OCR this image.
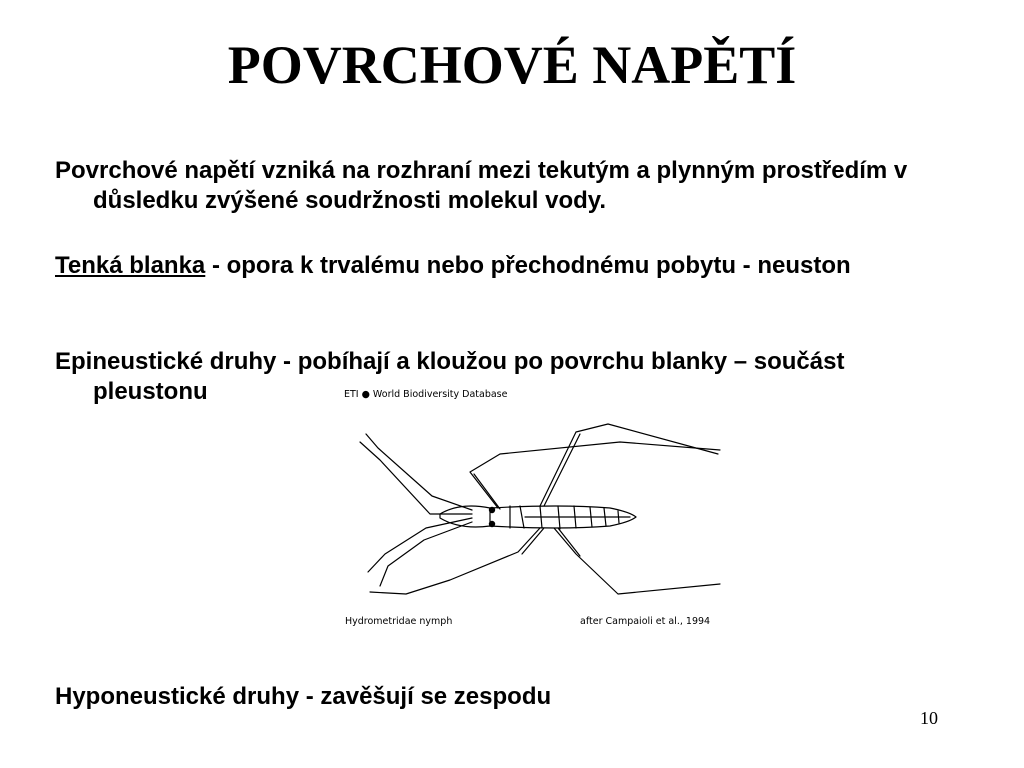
POVRCHOVÉ NAPĚTÍ

Povrchové napětí vzniká na rozhraní mezi tekutým a plynným prostředím v důsledku zvýšené soudržnosti molekul vody.

Tenká blanka - opora k trvalému nebo přechodnému pobytu - neuston

Epineustické druhy - pobíhají a kloužou po povrchu blanky – součást pleustonu	ETI ● World Biodiversity Database
Hydrometridae nymph	after Campaioli et al., 1994

Hyponeustické druhy - zavěšují se zespodu

10
